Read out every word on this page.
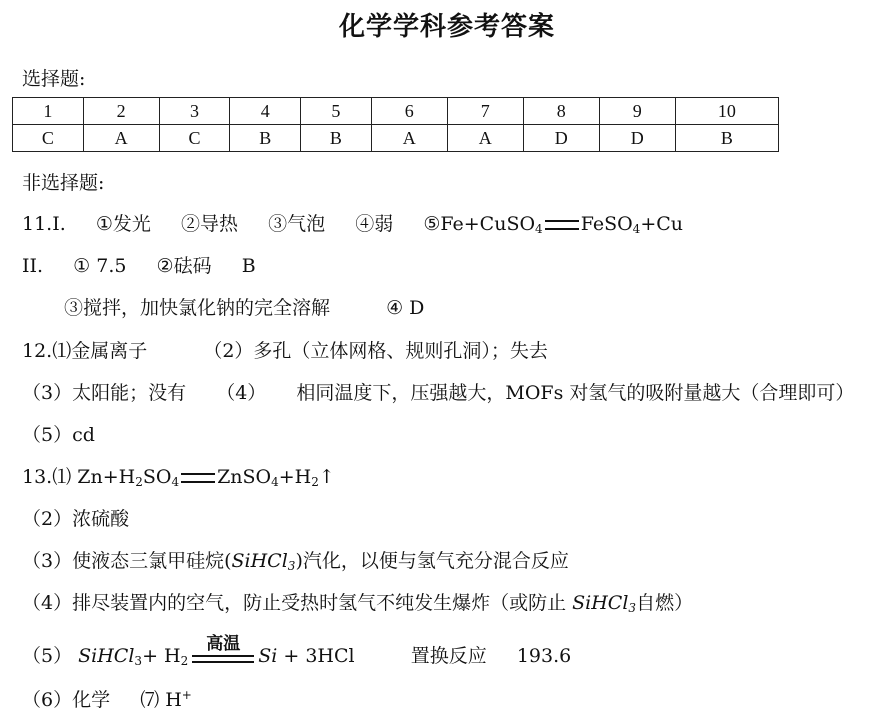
化学学科参考答案
选择题:
1	2	3	4	5	6	7	8	9	10
C	A	C	B	B	A	A	D	D	B
非选择题:
11.I. ①发光 ②导热 ③气泡 ④弱 ⑤Fe+CuSO$_4$ FeSO$_4$+Cu
II. ① 7.5 ②砝码 B
③搅拌，加快氯化钠的完全溶解	④ D
12.⑴金属离子	（2）多孔（立体网格、规则孔洞）；失去
（3）太阳能；没有 （4） 相同温度下，压强越大，MOFs 对氢气的吸附量越大（合理即可）
（5）cd
13.⑴ $Zn+H_2SO_4$ $ZnSO_4+H_2↑$
（2）浓硫酸
（3）使液态三氯甲硅烷(SiHCl$_3$)汽化，以便与氢气充分混合反应
（4）排尽装置内的空气，防止受热时氢气不纯发生爆炸（或防止 SiHCl$_3$自燃）
（5） SiHCl$_3$+ $H_2$
高温
Si + 3HCl	置换反应 193.6
（6）化学 ⑺ H+
